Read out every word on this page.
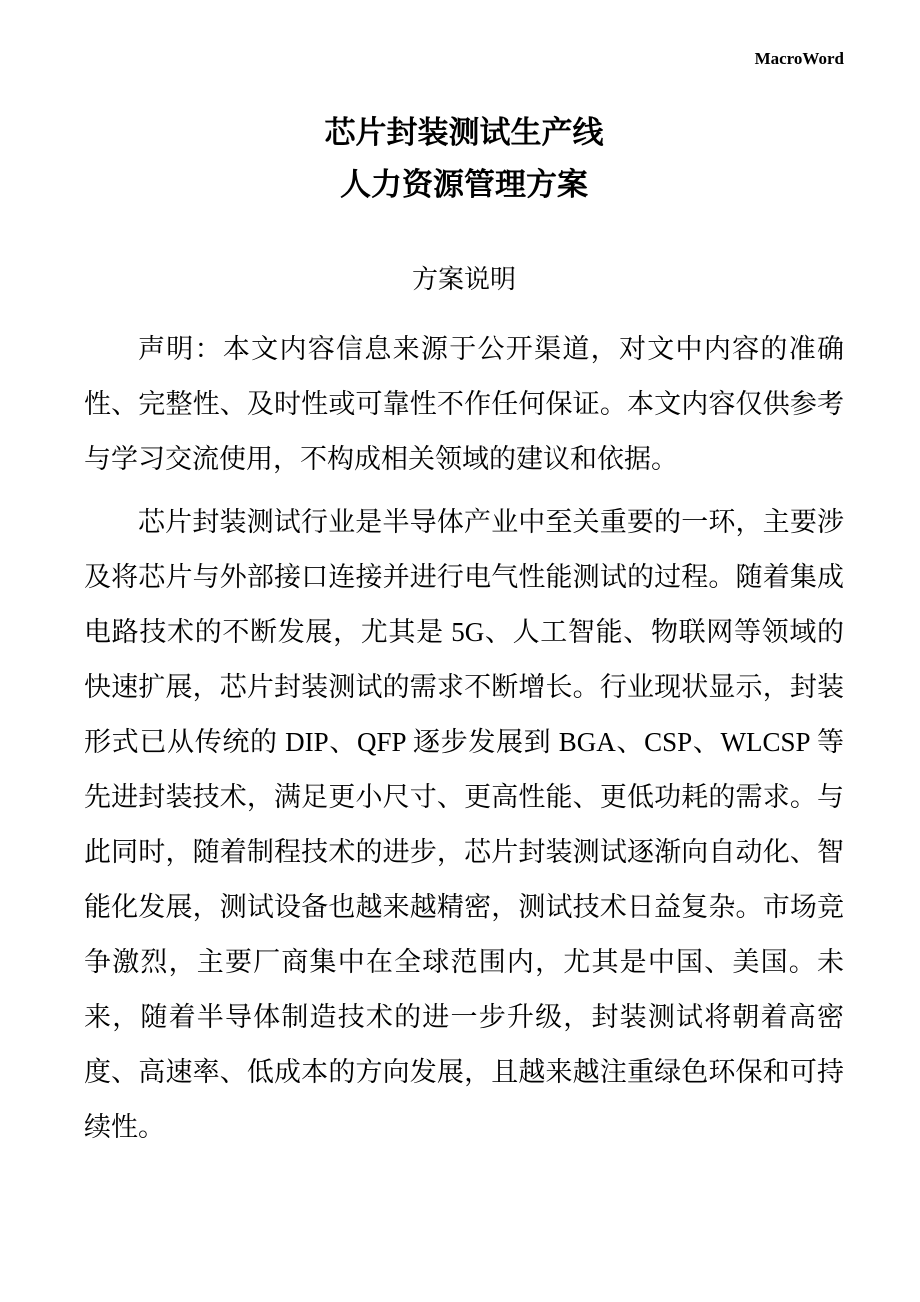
MacroWord
芯片封装测试生产线
人力资源管理方案
方案说明

声明：本文内容信息来源于公开渠道，对文中内容的准确性、完整性、及时性或可靠性不作任何保证。本文内容仅供参考与学习交流使用，不构成相关领域的建议和依据。

芯片封装测试行业是半导体产业中至关重要的一环，主要涉及将芯片与外部接口连接并进行电气性能测试的过程。随着集成电路技术的不断发展，尤其是 5G、人工智能、物联网等领域的快速扩展，芯片封装测试的需求不断增长。行业现状显示，封装形式已从传统的 DIP、QFP 逐步发展到 BGA、CSP、WLCSP 等先进封装技术，满足更小尺寸、更高性能、更低功耗的需求。与此同时，随着制程技术的进步，芯片封装测试逐渐向自动化、智能化发展，测试设备也越来越精密，测试技术日益复杂。市场竞争激烈，主要厂商集中在全球范围内，尤其是中国、美国。未来，随着半导体制造技术的进一步升级，封装测试将朝着高密度、高速率、低成本的方向发展，且越来越注重绿色环保和可持续性。
